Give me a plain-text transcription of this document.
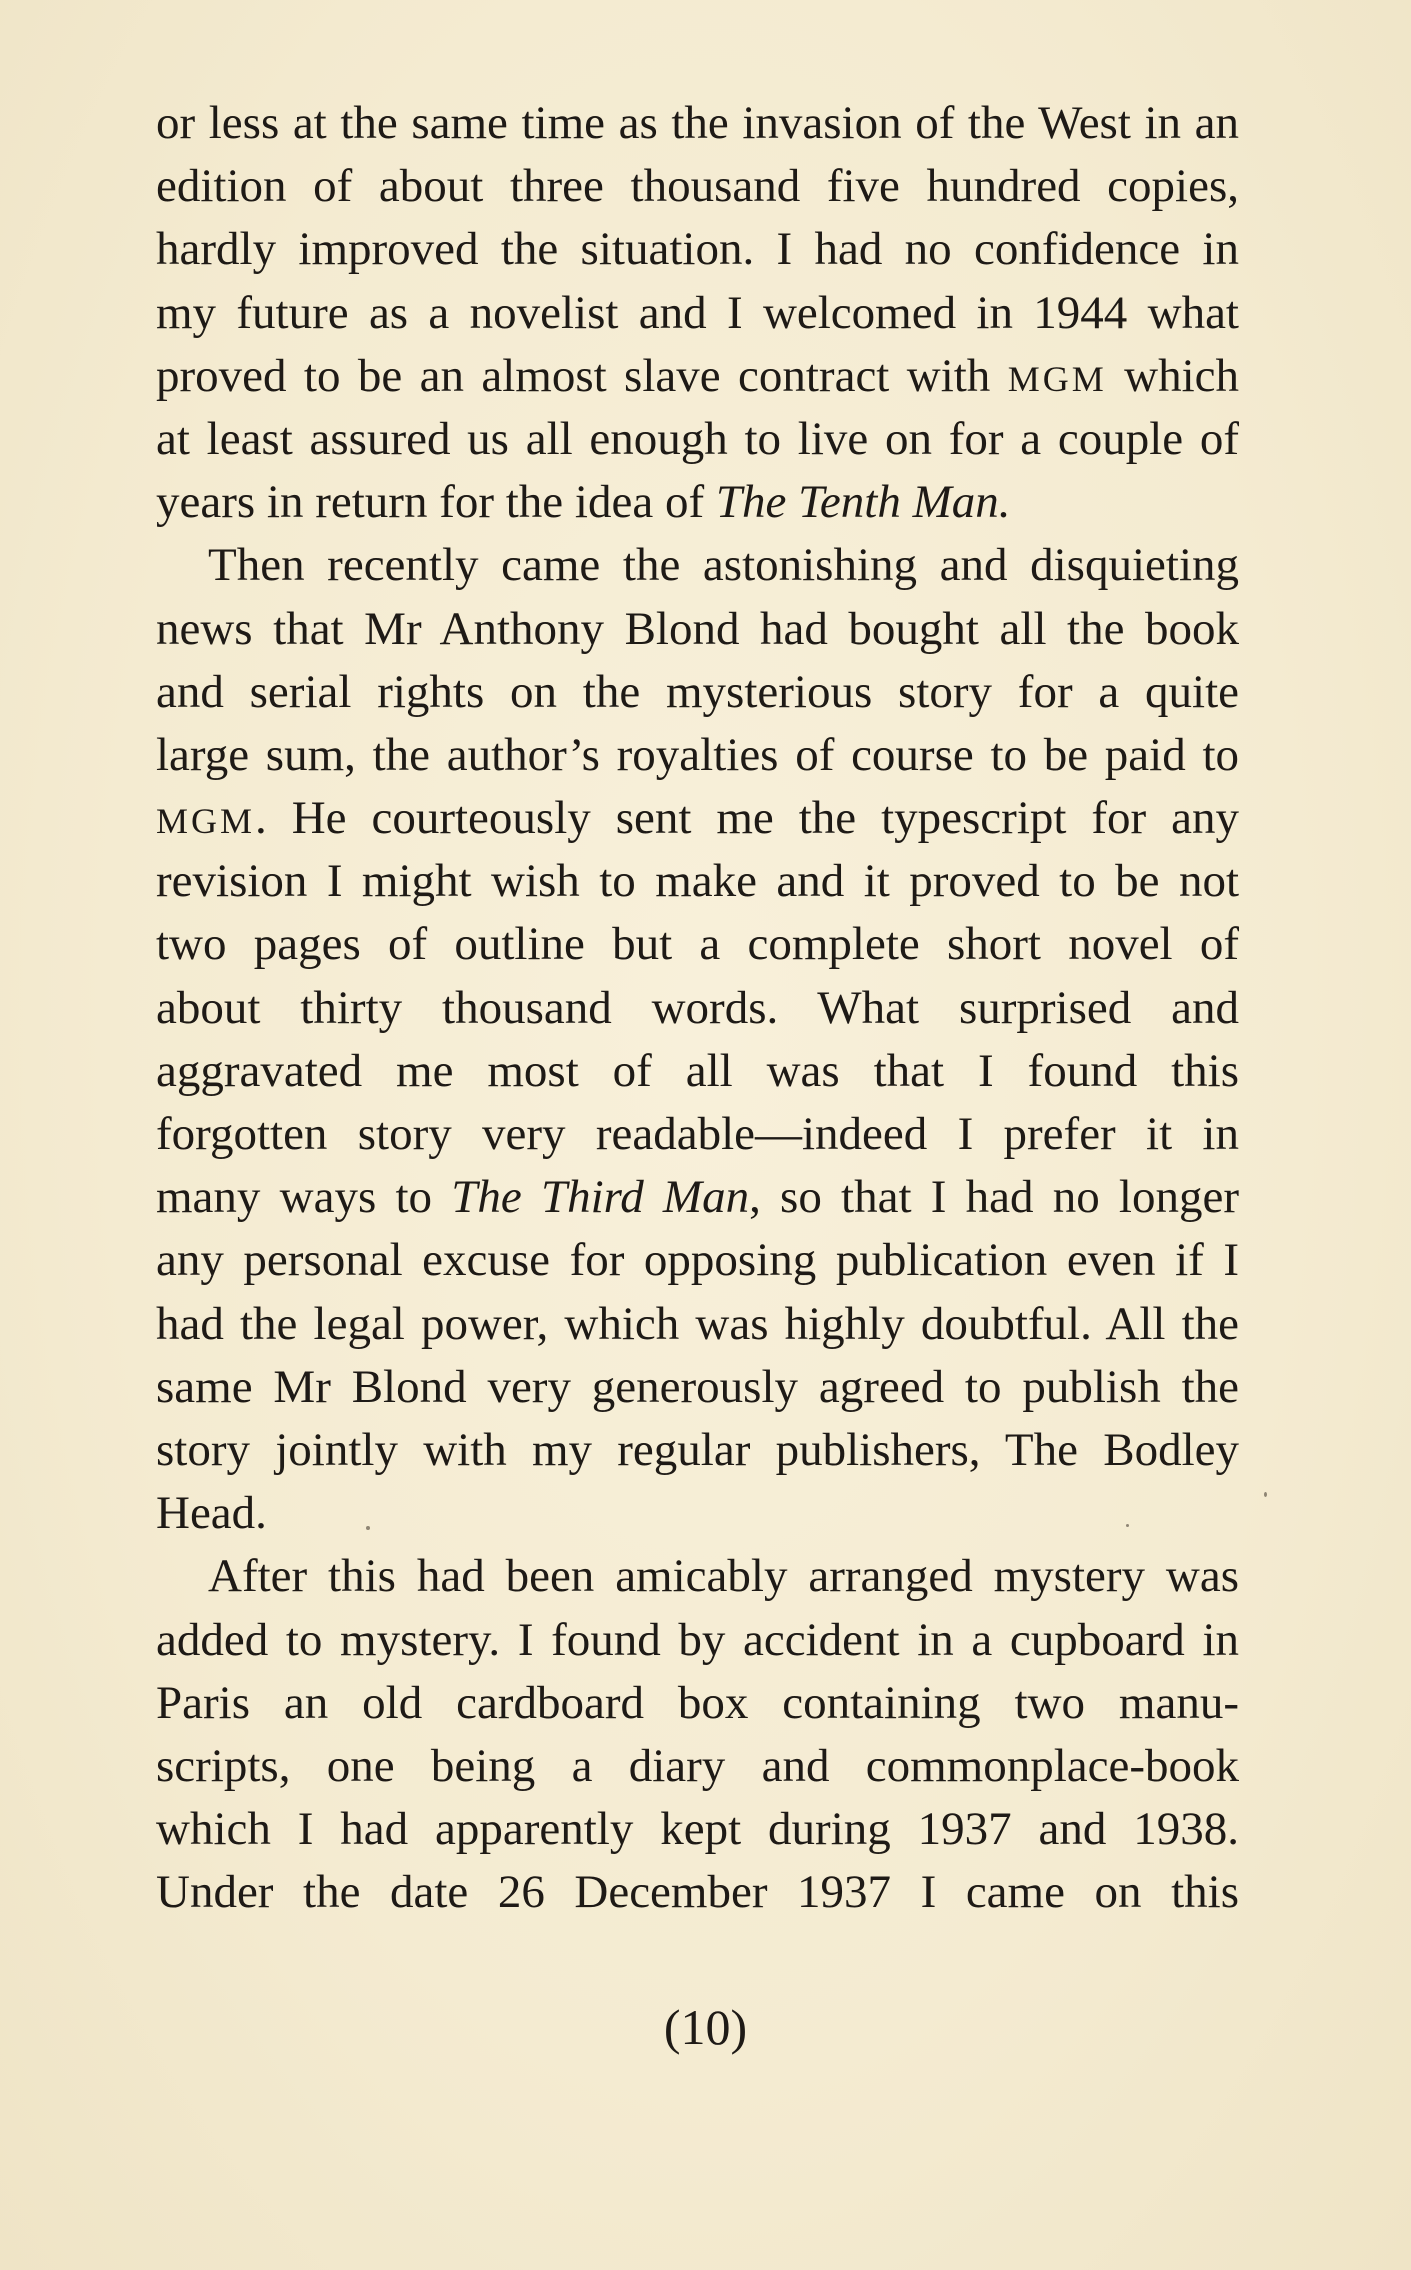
or less at the same time as the invasion of the West in an
edition of about three thousand five hundred copies,
hardly improved the situation. I had no confidence in
my future as a novelist and I welcomed in 1944 what
proved to be an almost slave contract with MGM which
at least assured us all enough to live on for a couple of
years in return for the idea of The Tenth Man.
Then recently came the astonishing and disquieting
news that Mr Anthony Blond had bought all the book
and serial rights on the mysterious story for a quite
large sum, the author’s royalties of course to be paid to
MGM. He courteously sent me the typescript for any
revision I might wish to make and it proved to be not
two pages of outline but a complete short novel of
about thirty thousand words. What surprised and
aggravated me most of all was that I found this
forgotten story very readable—indeed I prefer it in
many ways to The Third Man, so that I had no longer
any personal excuse for opposing publication even if I
had the legal power, which was highly doubtful. All the
same Mr Blond very generously agreed to publish the
story jointly with my regular publishers, The Bodley
Head.
After this had been amicably arranged mystery was
added to mystery. I found by accident in a cupboard in
Paris an old cardboard box containing two manu-
scripts, one being a diary and commonplace-book
which I had apparently kept during 1937 and 1938.
Under the date 26 December 1937 I came on this
(10)
